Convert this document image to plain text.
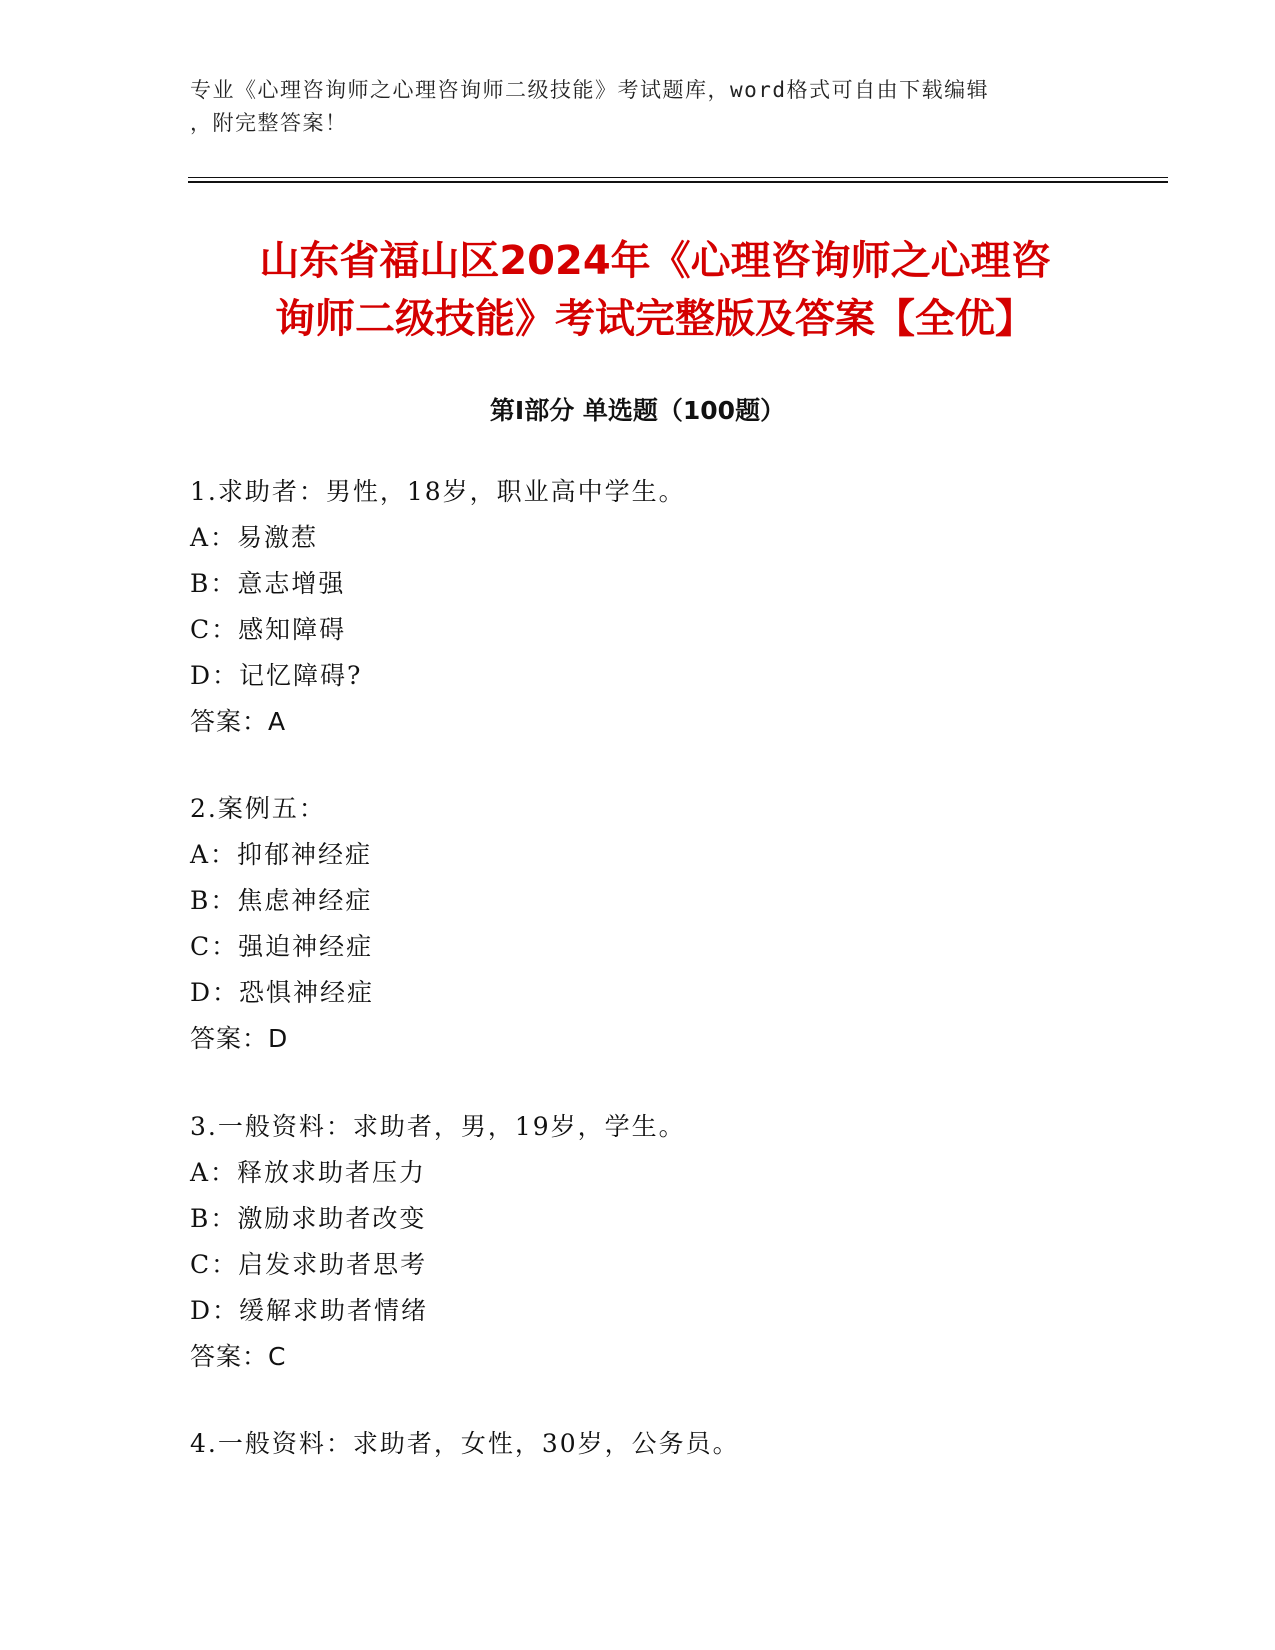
专业《心理咨询师之心理咨询师二级技能》考试题库，word格式可自由下载编辑
，附完整答案！
山东省福山区2024年《心理咨询师之心理咨
询师二级技能》考试完整版及答案【全优】
第Ⅰ部分 单选题（100题）
1.求助者：男性，18岁，职业高中学生。
A：易激惹
B：意志增强
C：感知障碍
D：记忆障碍?
答案：A
2.案例五：
A：抑郁神经症
B：焦虑神经症
C：强迫神经症
D：恐惧神经症
答案：D
3.一般资料：求助者，男，19岁，学生。
A：释放求助者压力
B：激励求助者改变
C：启发求助者思考
D：缓解求助者情绪
答案：C
4.一般资料：求助者，女性，30岁，公务员。
